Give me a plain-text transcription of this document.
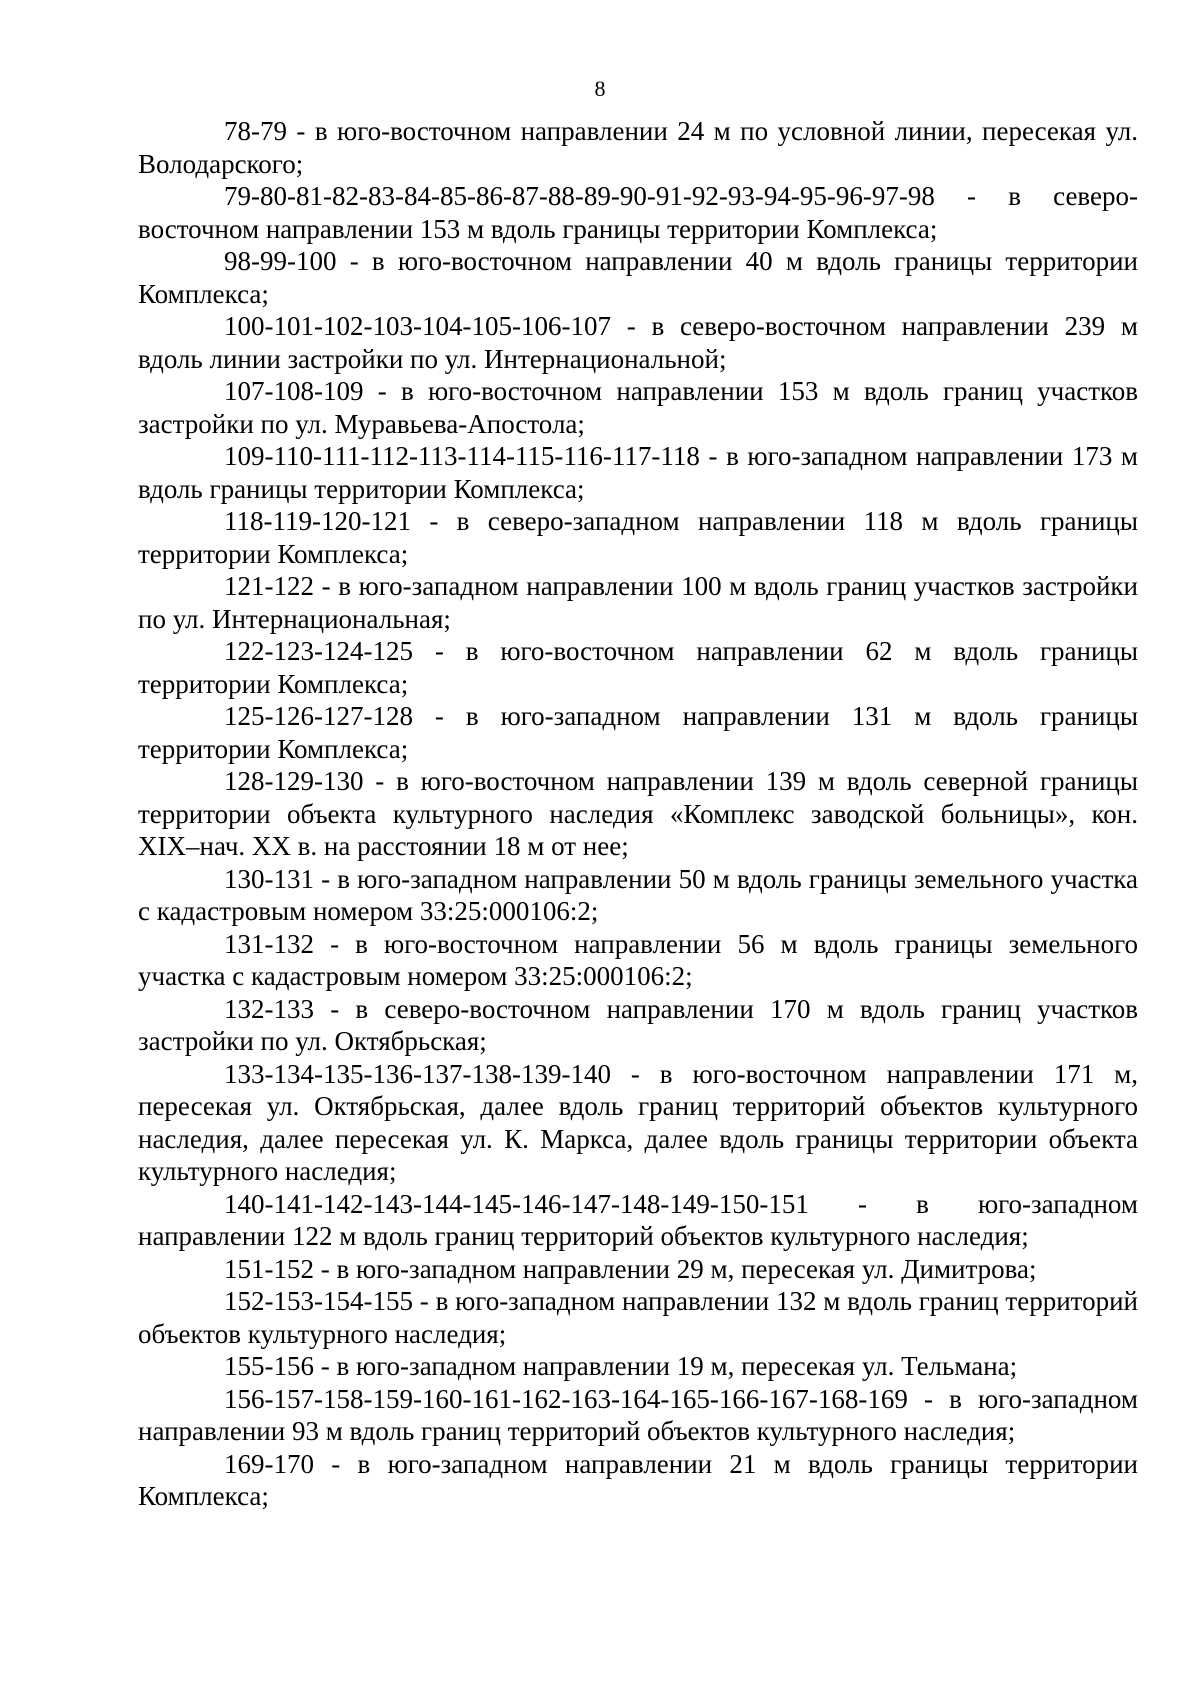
8

78-79 - в юго-восточном направлении 24 м по условной линии, пересекая ул. Володарского;

79-80-81-82-83-84-85-86-87-88-89-90-91-92-93-94-95-96-97-98 - в северо-восточном направлении 153 м вдоль границы территории Комплекса;

98-99-100 - в юго-восточном направлении 40 м вдоль границы территории Комплекса;

100-101-102-103-104-105-106-107 - в северо-восточном направлении 239 м вдоль линии застройки по ул. Интернациональной;

107-108-109 - в юго-восточном направлении 153 м вдоль границ участков застройки по ул. Муравьева-Апостола;

109-110-111-112-113-114-115-116-117-118 - в юго-западном направлении 173 м вдоль границы территории Комплекса;

118-119-120-121 - в северо-западном направлении 118 м вдоль границы территории Комплекса;

121-122 - в юго-западном направлении 100 м вдоль границ участков застройки по ул. Интернациональная;

122-123-124-125 - в юго-восточном направлении 62 м вдоль границы территории Комплекса;

125-126-127-128 - в юго-западном направлении 131 м вдоль границы территории Комплекса;

128-129-130 - в юго-восточном направлении 139 м вдоль северной границы территории объекта культурного наследия «Комплекс заводской больницы», кон. XIX–нач. XX в. на расстоянии 18 м от нее;

130-131 - в юго-западном направлении 50 м вдоль границы земельного участка с кадастровым номером 33:25:000106:2;

131-132 - в юго-восточном направлении 56 м вдоль границы земельного участка с кадастровым номером 33:25:000106:2;

132-133 - в северо-восточном направлении 170 м вдоль границ участков застройки по ул. Октябрьская;

133-134-135-136-137-138-139-140 - в юго-восточном направлении 171 м, пересекая ул. Октябрьская, далее вдоль границ территорий объектов культурного наследия, далее пересекая ул. К. Маркса, далее вдоль границы территории объекта культурного наследия;

140-141-142-143-144-145-146-147-148-149-150-151 - в юго-западном направлении 122 м вдоль границ территорий объектов культурного наследия;

151-152 - в юго-западном направлении 29 м, пересекая ул. Димитрова;

152-153-154-155 - в юго-западном направлении 132 м вдоль границ территорий объектов культурного наследия;

155-156 - в юго-западном направлении 19 м, пересекая ул. Тельмана;

156-157-158-159-160-161-162-163-164-165-166-167-168-169 - в юго-западном направлении 93 м вдоль границ территорий объектов культурного наследия;

169-170 - в юго-западном направлении 21 м вдоль границы территории Комплекса;
